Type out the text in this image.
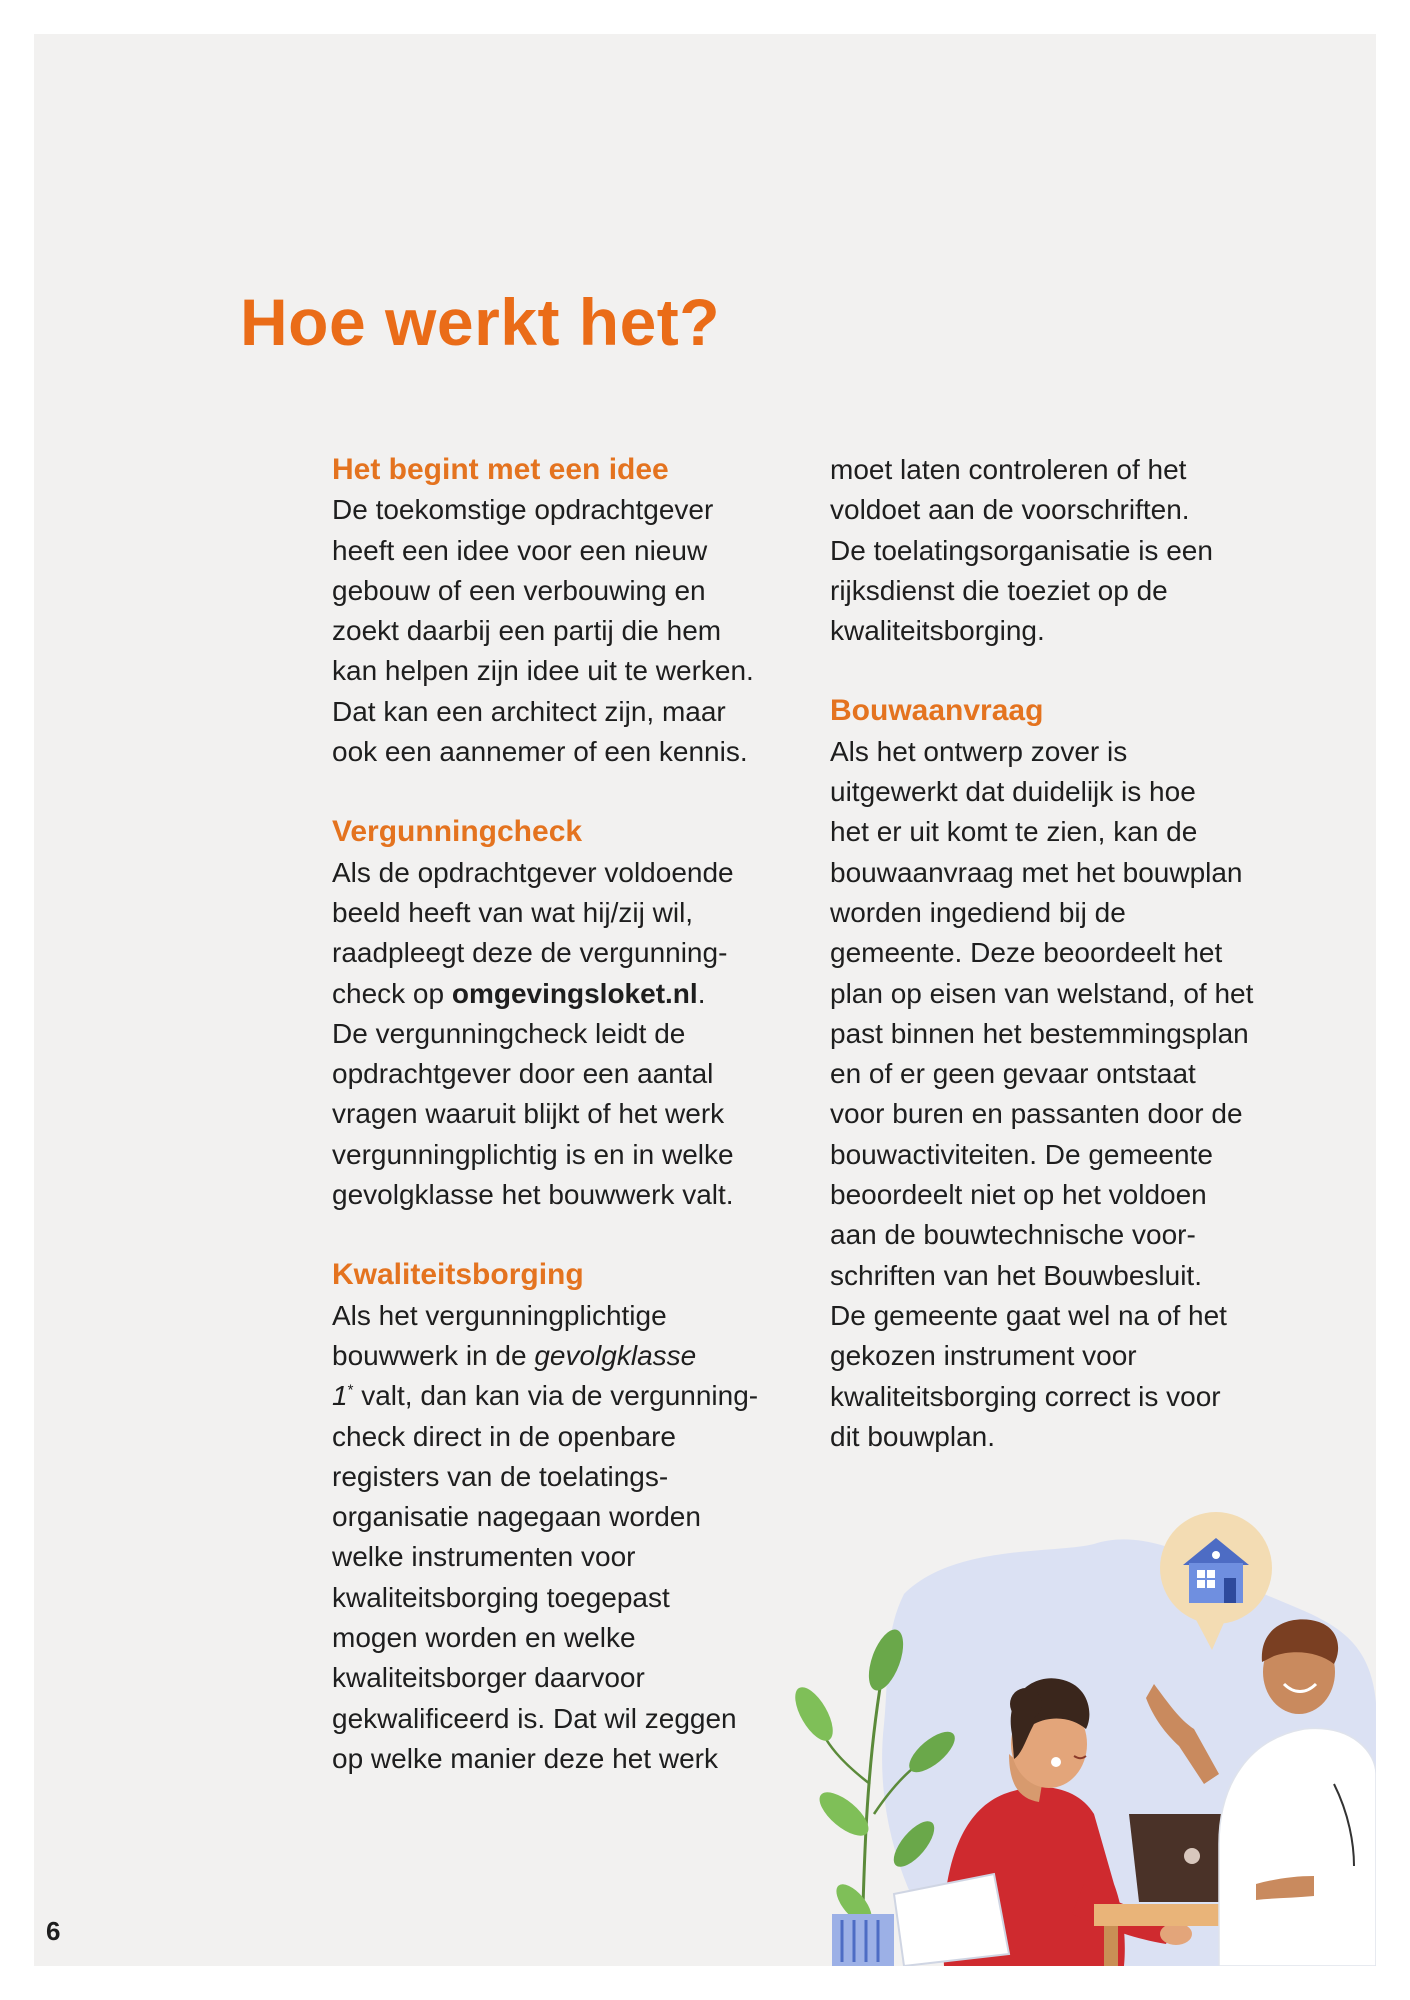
Hoe werkt het?
Het begint met een idee

De toekomstige opdrachtgever
heeft een idee voor een nieuw
gebouw of een verbouwing en
zoekt daarbij een partij die hem
kan helpen zijn idee uit te werken.
Dat kan een architect zijn, maar
ook een aannemer of een kennis.

Vergunningcheck

Als de opdrachtgever voldoende
beeld heeft van wat hij/zij wil,
raadpleegt deze de vergunning-
check op omgevingsloket.nl.
De vergunningcheck leidt de
opdrachtgever door een aantal
vragen waaruit blijkt of het werk
vergunningplichtig is en in welke
gevolgklasse het bouwwerk valt.

Kwaliteitsborging

Als het vergunningplichtige
bouwwerk in de gevolgklasse
1* valt, dan kan via de vergunning-
check direct in de openbare
registers van de toelatings-
organisatie nagegaan worden
welke instrumenten voor
kwaliteitsborging toegepast
mogen worden en welke
kwaliteitsborger daarvoor
gekwalificeerd is. Dat wil zeggen
op welke manier deze het werk

moet laten controleren of het
voldoet aan de voorschriften.
De toelatingsorganisatie is een
rijksdienst die toeziet op de
kwaliteitsborging.

Bouwaanvraag

Als het ontwerp zover is
uitgewerkt dat duidelijk is hoe
het er uit komt te zien, kan de
bouwaanvraag met het bouwplan
worden ingediend bij de
gemeente. Deze beoordeelt het
plan op eisen van welstand, of het
past binnen het bestemmingsplan
en of er geen gevaar ontstaat
voor buren en passanten door de
bouwactiviteiten. De gemeente
beoordeelt niet op het voldoen
aan de bouwtechnische voor-
schriften van het Bouwbesluit.
De gemeente gaat wel na of het
gekozen instrument voor
kwaliteitsborging correct is voor
dit bouwplan.

6
